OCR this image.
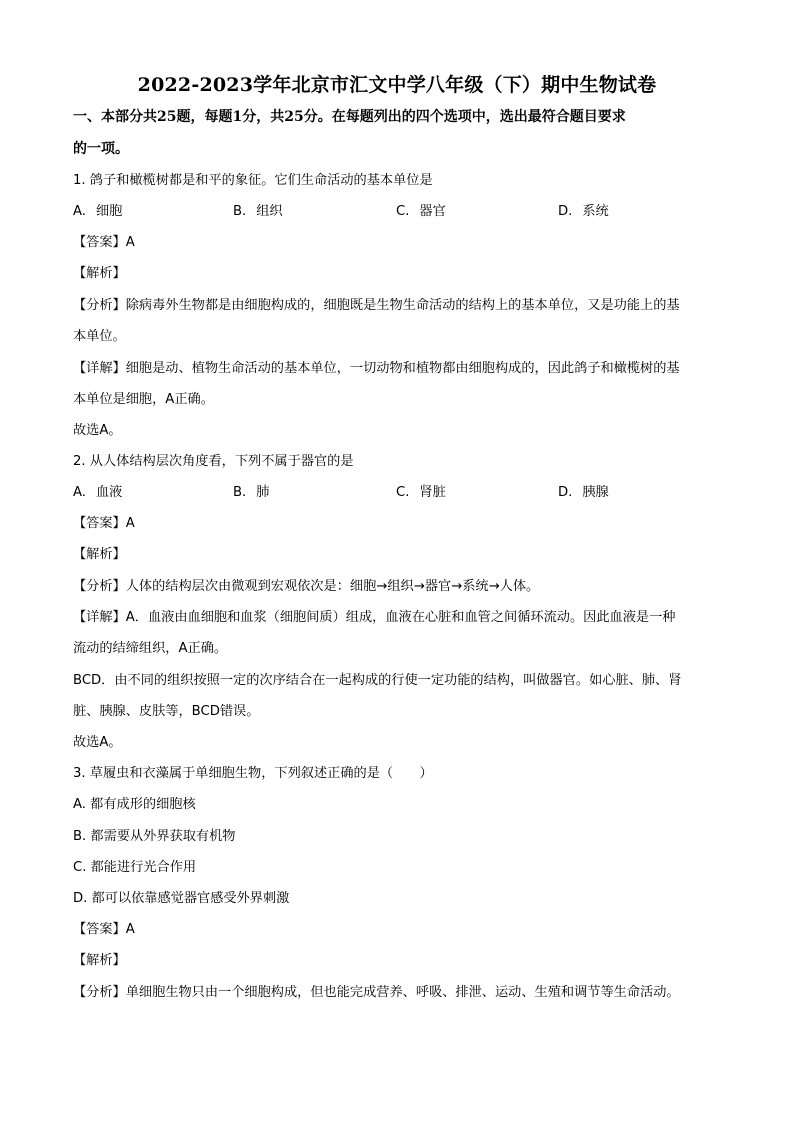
2022-2023学年北京市汇文中学八年级（下）期中生物试卷
一、本部分共25题，每题1分，共25分。在每题列出的四个选项中，选出最符合题目要求
的一项。
1. 鸽子和橄榄树都是和平的象征。它们生命活动的基本单位是
A. 细胞	B. 组织	C. 器官	D. 系统
【答案】A
【解析】
【分析】除病毒外生物都是由细胞构成的，细胞既是生物生命活动的结构上的基本单位，又是功能上的基
本单位。
【详解】细胞是动、植物生命活动的基本单位，一切动物和植物都由细胞构成的，因此鸽子和橄榄树的基
本单位是细胞，A正确。
故选A。
2. 从人体结构层次角度看，下列不属于器官的是
A. 血液	B. 肺	C. 肾脏	D. 胰腺
【答案】A
【解析】
【分析】人体的结构层次由微观到宏观依次是：细胞→组织→器官→系统→人体。
【详解】A．血液由血细胞和血浆（细胞间质）组成，血液在心脏和血管之间循环流动。因此血液是一种
流动的结缔组织，A正确。
BCD．由不同的组织按照一定的次序结合在一起构成的行使一定功能的结构，叫做器官。如心脏、肺、肾
脏、胰腺、皮肤等，BCD错误。
故选A。
3. 草履虫和衣藻属于单细胞生物，下列叙述正确的是（　　）
A. 都有成形的细胞核
B. 都需要从外界获取有机物
C. 都能进行光合作用
D. 都可以依靠感觉器官感受外界刺激
【答案】A
【解析】
【分析】单细胞生物只由一个细胞构成，但也能完成营养、呼吸、排泄、运动、生殖和调节等生命活动。
